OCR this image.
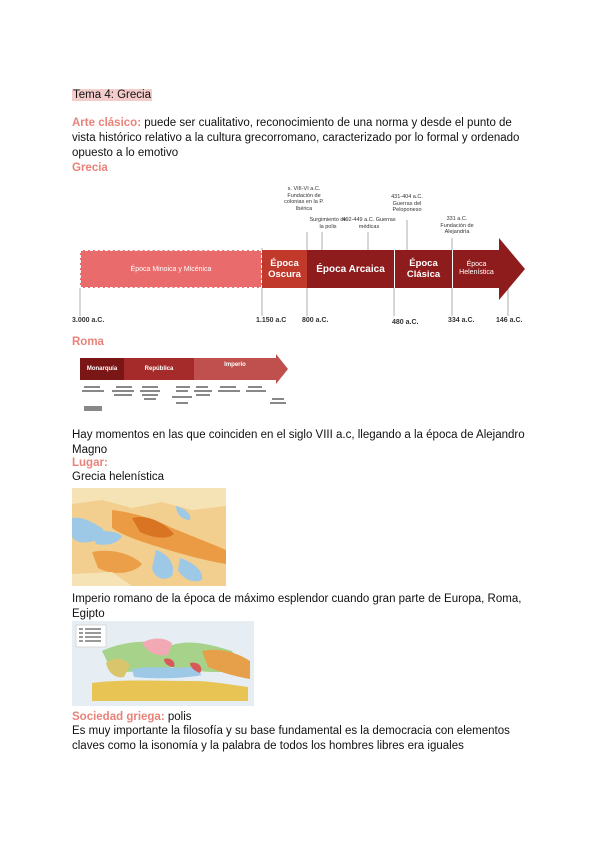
Tema 4: Grecia
Arte clásico: puede ser cualitativo, reconocimiento de una norma y desde el punto de vista histórico relativo a la cultura grecorromano, caracterizado por lo formal y ordenado opuesto a lo emotivo
Grecia
s. VIII-VI a.C. Fundación de colonias en la P. Ibérica
Surgimiento de la polis
492-449 a.C. Guerras médicas
431-404 a.C. Guerras del Peloponeso
331 a.C. Fundación de Alejandría
Época Minoica y Micénica	Época Oscura	Época Arcaica	Época Clásica
Época Helenística
3.000 a.C.	1.150 a.C 800 a.C.	480 a.C.	334 a.C.	146 a.C.
Roma
Monarquía	República
Imperio
Hay momentos en las que coinciden en el siglo VIII a.c, llegando a la época de Alejandro Magno
Lugar:
Grecia helenística
Imperio romano de la época de máximo esplendor cuando gran parte de Europa, Roma, Egipto
Sociedad griega: polis
Es muy importante la filosofía y su base fundamental es la democracia con elementos claves como la isonomía y la palabra de todos los hombres libres era iguales
